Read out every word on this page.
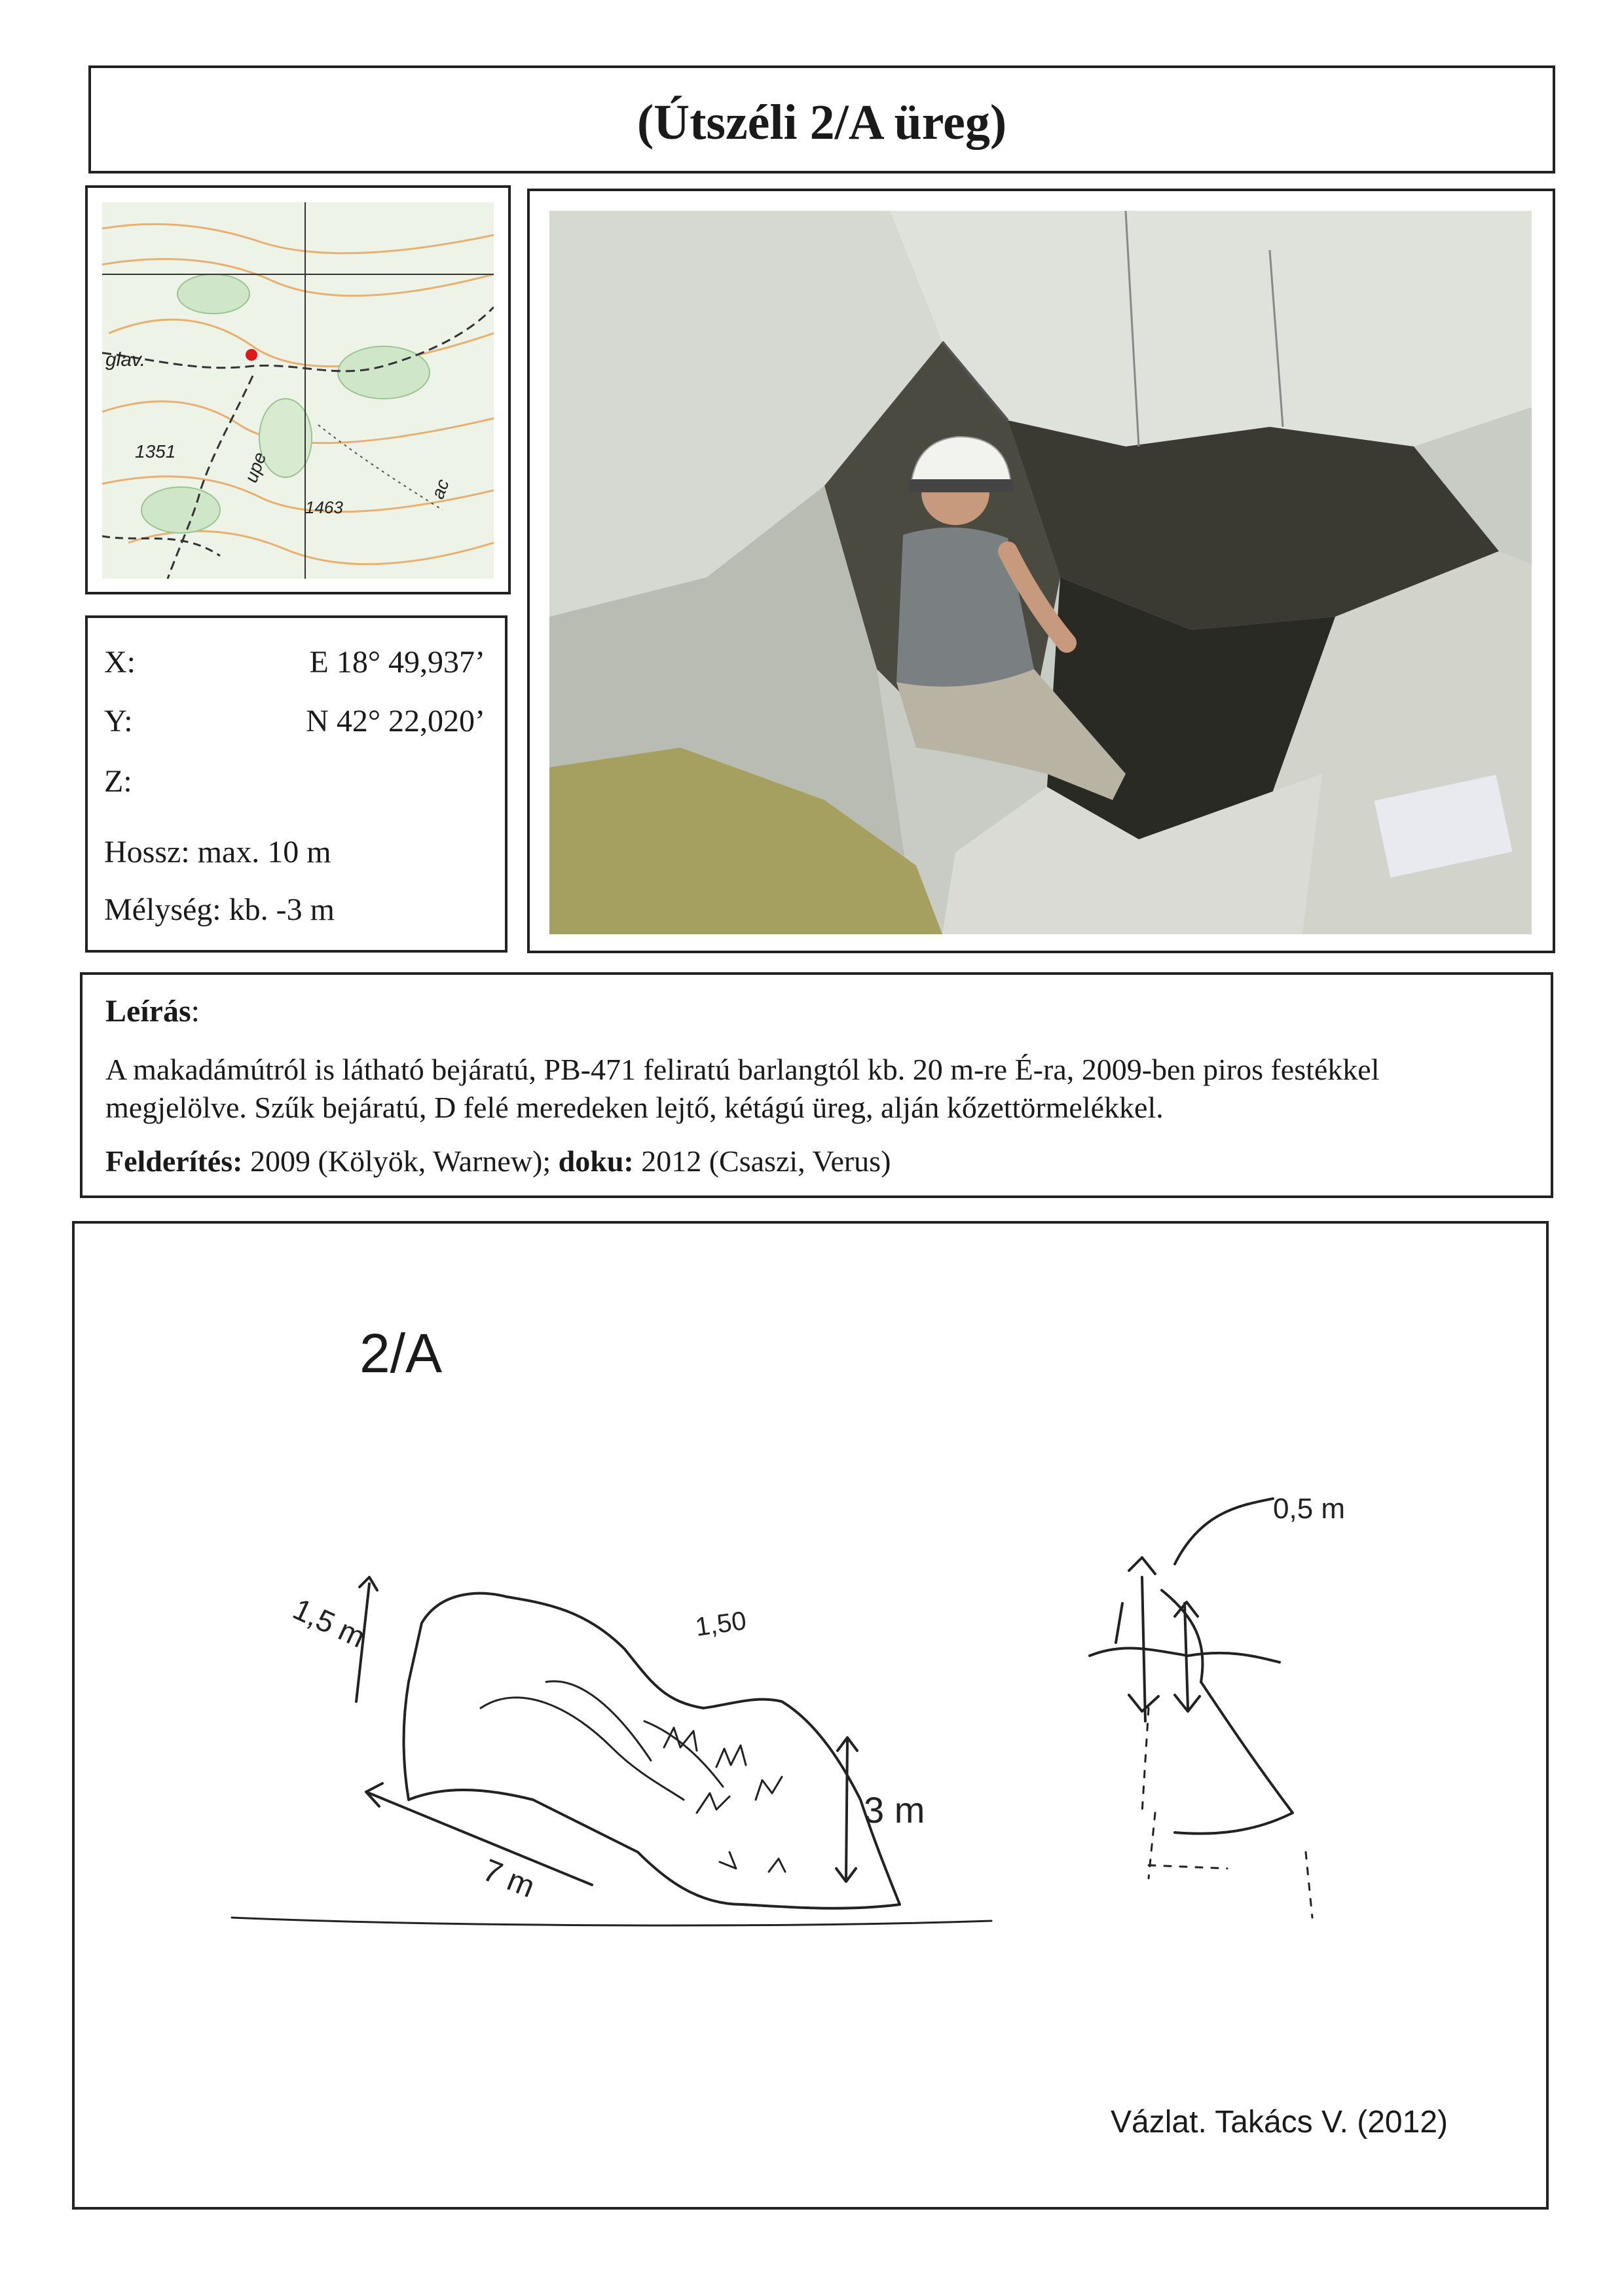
(Útszéli 2/A üreg)
glav.
1351
1463
upe
ac
X:	E 18° 49,937’
Y:	N 42° 22,020’
Z:
Hossz: max. 10 m
Mélység: kb. -3 m
Leírás:
A makadámútról is látható bejáratú, PB-471 feliratú barlangtól kb. 20 m-re É-ra, 2009-ben piros festékkel
megjelölve. Szűk bejáratú, D felé meredeken lejtő, kétágú üreg, alján kőzettörmelékkel.
Felderítés: 2009 (Kölyök, Warnew); doku: 2012 (Csaszi, Verus)
2/A
1,5 m	1,50
3 m
7 m
0,5 m
Vázlat. Takács V. (2012)
